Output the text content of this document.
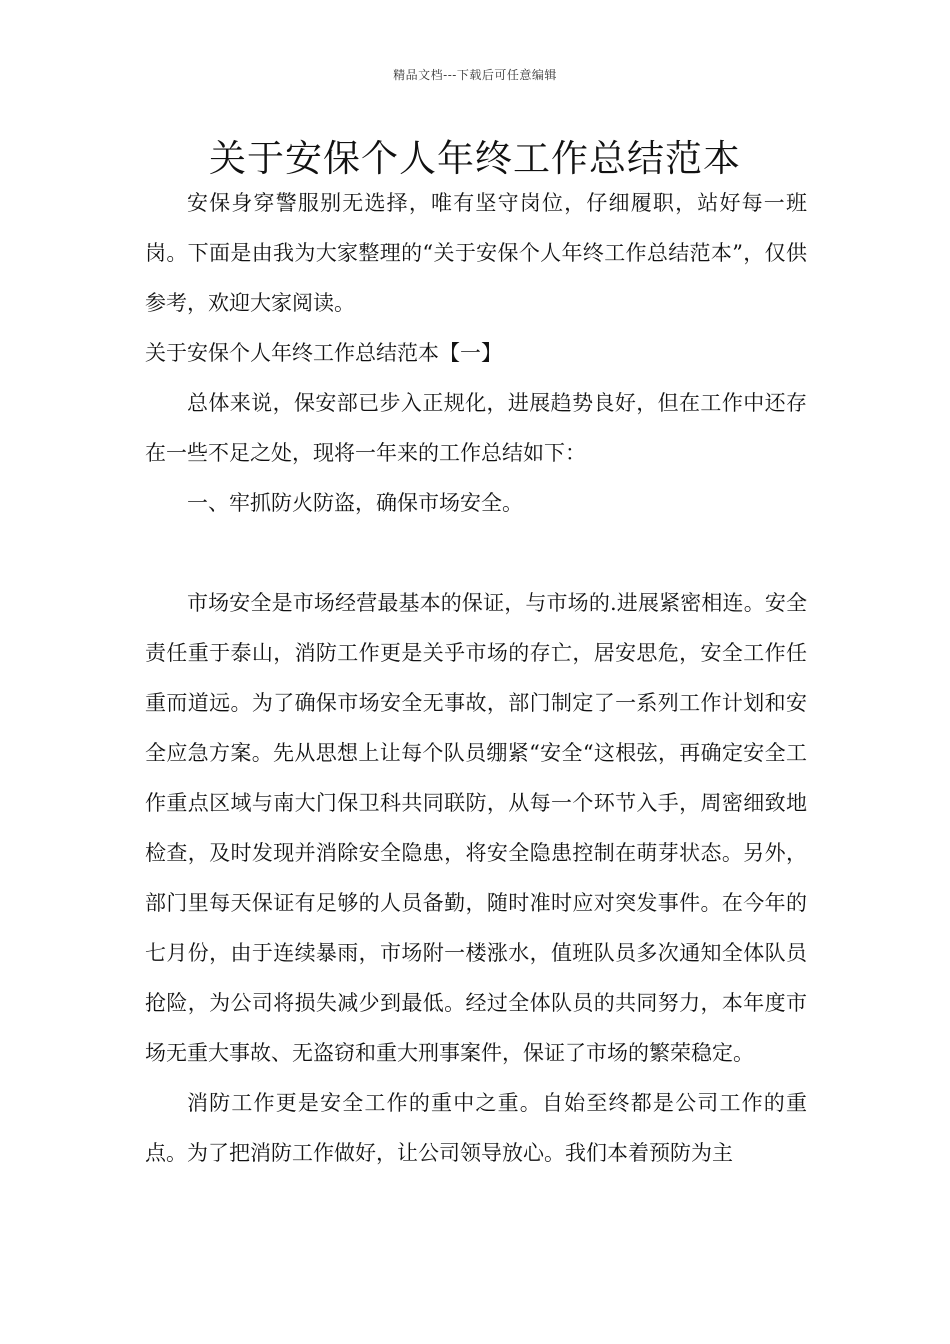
精品文档---下载后可任意编辑
关于安保个人年终工作总结范本

安保身穿警服别无选择，唯有坚守岗位，仔细履职，站好每一班岗。下面是由我为大家整理的“关于安保个人年终工作总结范本”，仅供参考，欢迎大家阅读。

关于安保个人年终工作总结范本【一】

总体来说，保安部已步入正规化，进展趋势良好，但在工作中还存在一些不足之处，现将一年来的工作总结如下：

一、牢抓防火防盗，确保市场安全。

市场安全是市场经营最基本的保证，与市场的.进展紧密相连。安全责任重于泰山，消防工作更是关乎市场的存亡，居安思危，安全工作任重而道远。为了确保市场安全无事故，部门制定了一系列工作计划和安全应急方案。先从思想上让每个队员绷紧“安全“这根弦，再确定安全工作重点区域与南大门保卫科共同联防，从每一个环节入手，周密细致地检查，及时发现并消除安全隐患，将安全隐患控制在萌芽状态。另外，部门里每天保证有足够的人员备勤，随时准时应对突发事件。在今年的七月份，由于连续暴雨，市场附一楼涨水，值班队员多次通知全体队员抢险，为公司将损失减少到最低。经过全体队员的共同努力，本年度市场无重大事故、无盗窃和重大刑事案件，保证了市场的繁荣稳定。

消防工作更是安全工作的重中之重。自始至终都是公司工作的重点。为了把消防工作做好，让公司领导放心。我们本着预防为主
